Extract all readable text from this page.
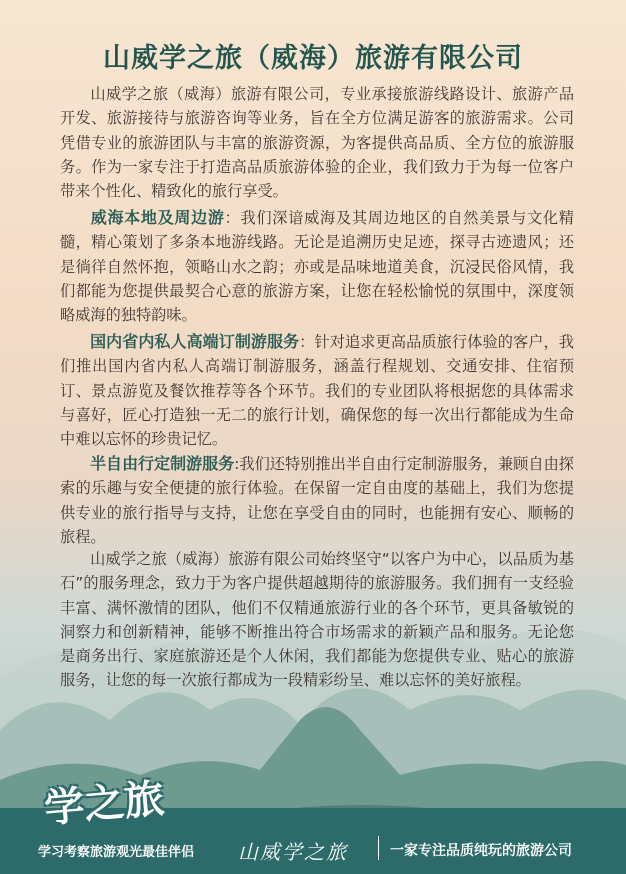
山威学之旅（威海）旅游有限公司

山威学之旅（威海）旅游有限公司，专业承接旅游线路设计、旅游产品开发、旅游接待与旅游咨询等业务，旨在全方位满足游客的旅游需求。公司凭借专业的旅游团队与丰富的旅游资源，为客提供高品质、全方位的旅游服务。作为一家专注于打造高品质旅游体验的企业，我们致力于为每一位客户带来个性化、精致化的旅行享受。

威海本地及周边游：我们深谙威海及其周边地区的自然美景与文化精髓，精心策划了多条本地游线路。无论是追溯历史足迹，探寻古迹遗风；还是徜徉自然怀抱，领略山水之韵；亦或是品味地道美食，沉浸民俗风情，我们都能为您提供最契合心意的旅游方案，让您在轻松愉悦的氛围中，深度领略威海的独特韵味。

国内省内私人高端订制游服务：针对追求更高品质旅行体验的客户，我们推出国内省内私人高端订制游服务，涵盖行程规划、交通安排、住宿预订、景点游览及餐饮推荐等各个环节。我们的专业团队将根据您的具体需求与喜好，匠心打造独一无二的旅行计划，确保您的每一次出行都能成为生命中难以忘怀的珍贵记忆。

半自由行定制游服务:我们还特别推出半自由行定制游服务，兼顾自由探索的乐趣与安全便捷的旅行体验。在保留一定自由度的基础上，我们为您提供专业的旅行指导与支持，让您在享受自由的同时，也能拥有安心、顺畅的旅程。

山威学之旅（威海）旅游有限公司始终坚守“以客户为中心，以品质为基石”的服务理念，致力于为客户提供超越期待的旅游服务。我们拥有一支经验丰富、满怀激情的团队，他们不仅精通旅游行业的各个环节，更具备敏锐的洞察力和创新精神，能够不断推出符合市场需求的新颖产品和服务。无论您是商务出行、家庭旅游还是个人休闲，我们都能为您提供专业、贴心的旅游服务，让您的每一次旅行都成为一段精彩纷呈、难以忘怀的美好旅程。

学之旅
学习考察旅游观光最佳伴侣 山威学之旅	一家专注品质纯玩的旅游公司
